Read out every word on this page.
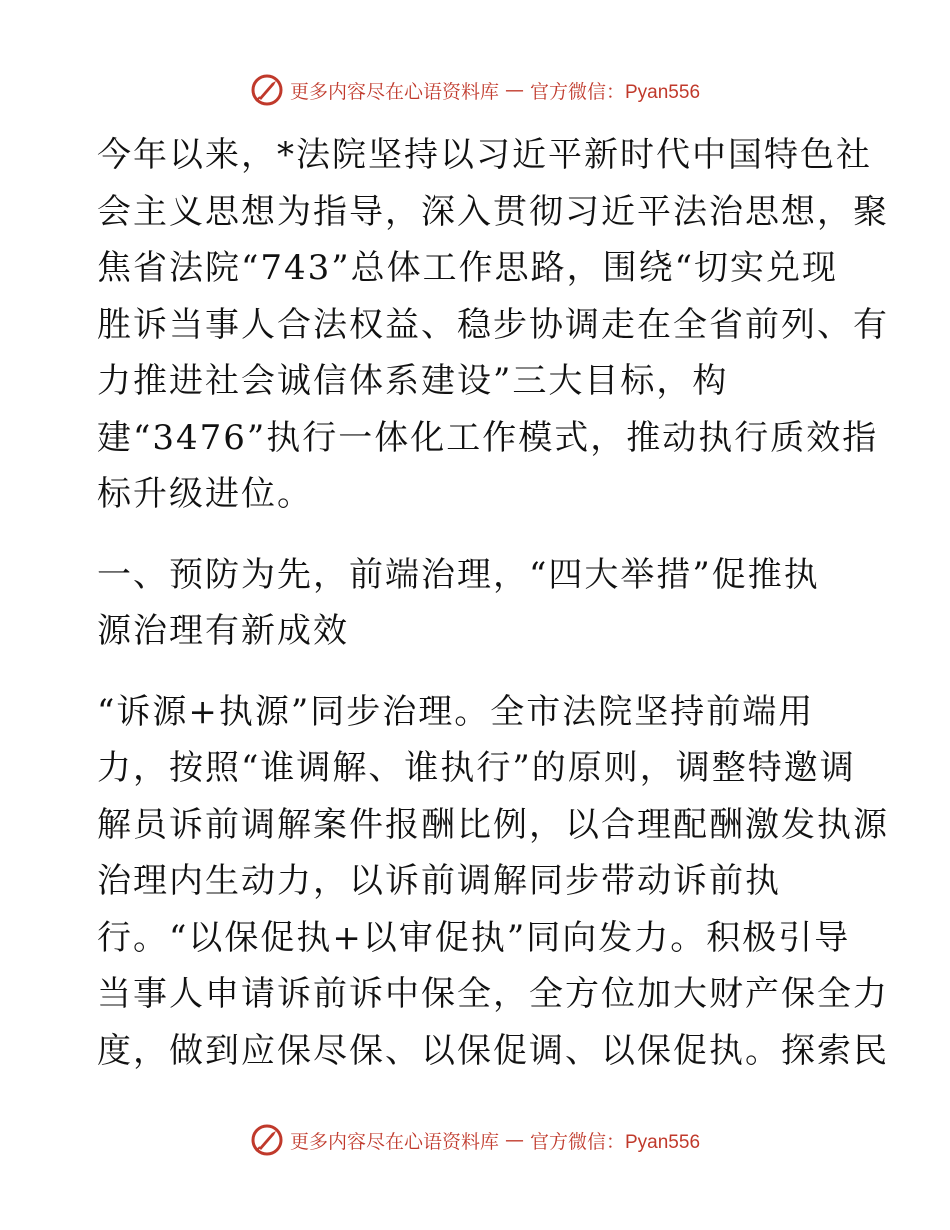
更多内容尽在心语资料库 — 官方微信：Pyan556
今年以来，*法院坚持以习近平新时代中国特色社
会主义思想为指导，深入贯彻习近平法治思想，聚
焦省法院“743”总体工作思路，围绕“切实兑现
胜诉当事人合法权益、稳步协调走在全省前列、有
力推进社会诚信体系建设”三大目标，构
建“3476”执行一体化工作模式，推动执行质效指
标升级进位。
一、预防为先，前端治理，“四大举措”促推执
源治理有新成效
“诉源+执源”同步治理。全市法院坚持前端用
力，按照“谁调解、谁执行”的原则，调整特邀调
解员诉前调解案件报酬比例，以合理配酬激发执源
治理内生动力，以诉前调解同步带动诉前执
行。“以保促执+以审促执”同向发力。积极引导
当事人申请诉前诉中保全，全方位加大财产保全力
度，做到应保尽保、以保促调、以保促执。探索民
更多内容尽在心语资料库 — 官方微信：Pyan556
